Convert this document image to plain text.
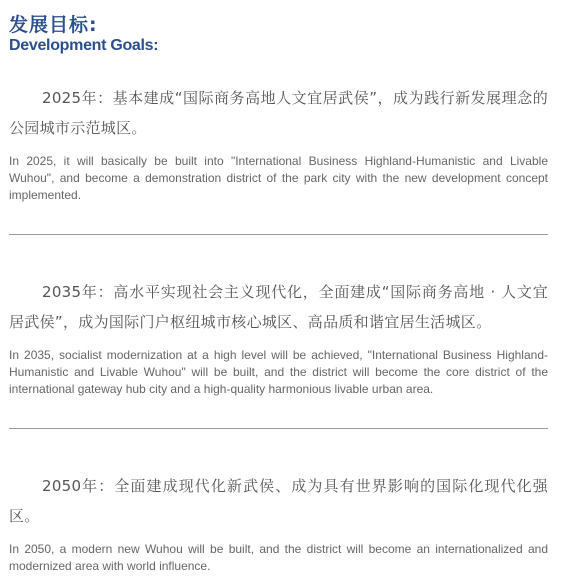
发展目标:
Development Goals:

2025年：基本建成“国际商务高地人文宜居武侯”，成为践行新发展理念的公园城市示范城区。

In 2025, it will basically be built into "International Business Highland-Humanistic and Livable Wuhou", and become a demonstration district of the park city with the new development concept implemented.

2035年：高水平实现社会主义现代化，全面建成“国际商务高地 · 人文宜居武侯”，成为国际门户枢纽城市核心城区、高品质和谐宜居生活城区。

In 2035, socialist modernization at a high level will be achieved, "International Business Highland-Humanistic and Livable Wuhou" will be built, and the district will become the core district of the international gateway hub city and a high-quality harmonious livable urban area.

2050年：全面建成现代化新武侯、成为具有世界影响的国际化现代化强区。

In 2050, a modern new Wuhou will be built, and the district will become an internationalized and modernized area with world influence.
